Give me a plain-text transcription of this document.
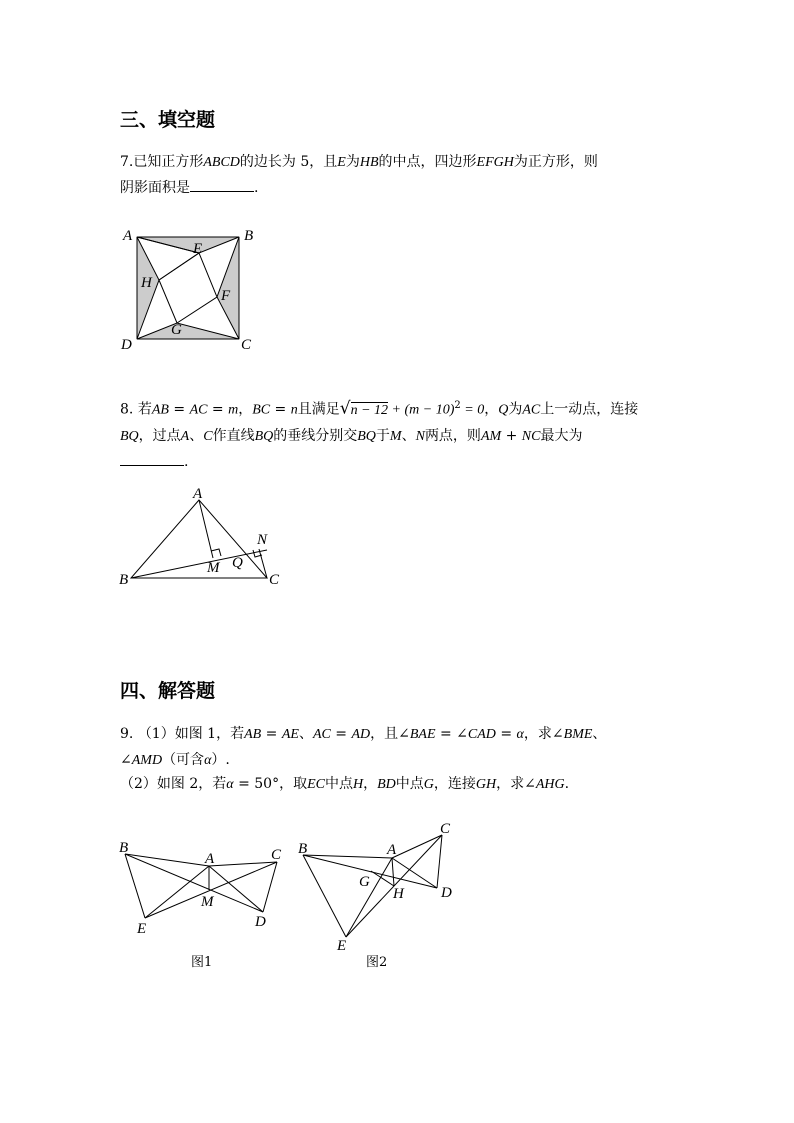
三、填空题
7.已知正方形ABCD的边长为 5，且E为HB的中点，四边形EFGH为正方形，则
阴影面积是	.
A	B
C
D
E
F
G
H
8. 若AB = AC = m，BC = n且满足$√n - 12 + (m - 10)^2 = 0$，Q为AC上一动点，连接
BQ，过点A、C作直线BQ的垂线分别交BQ于M、N两点，则AM + NC最大为
.
A
B	C
M
N
Q
四、解答题
9. （1）如图 1，若AB = AE、AC = AD，且∠BAE = ∠CAD = α，求∠BME、
∠AMD（可含α）.
（2）如图 2，若α = 50°，取EC中点H，BD中点G，连接GH，求∠AHG.
B
A	C
E	D
M
图1
B	A
C
D
E
G
H
图2
